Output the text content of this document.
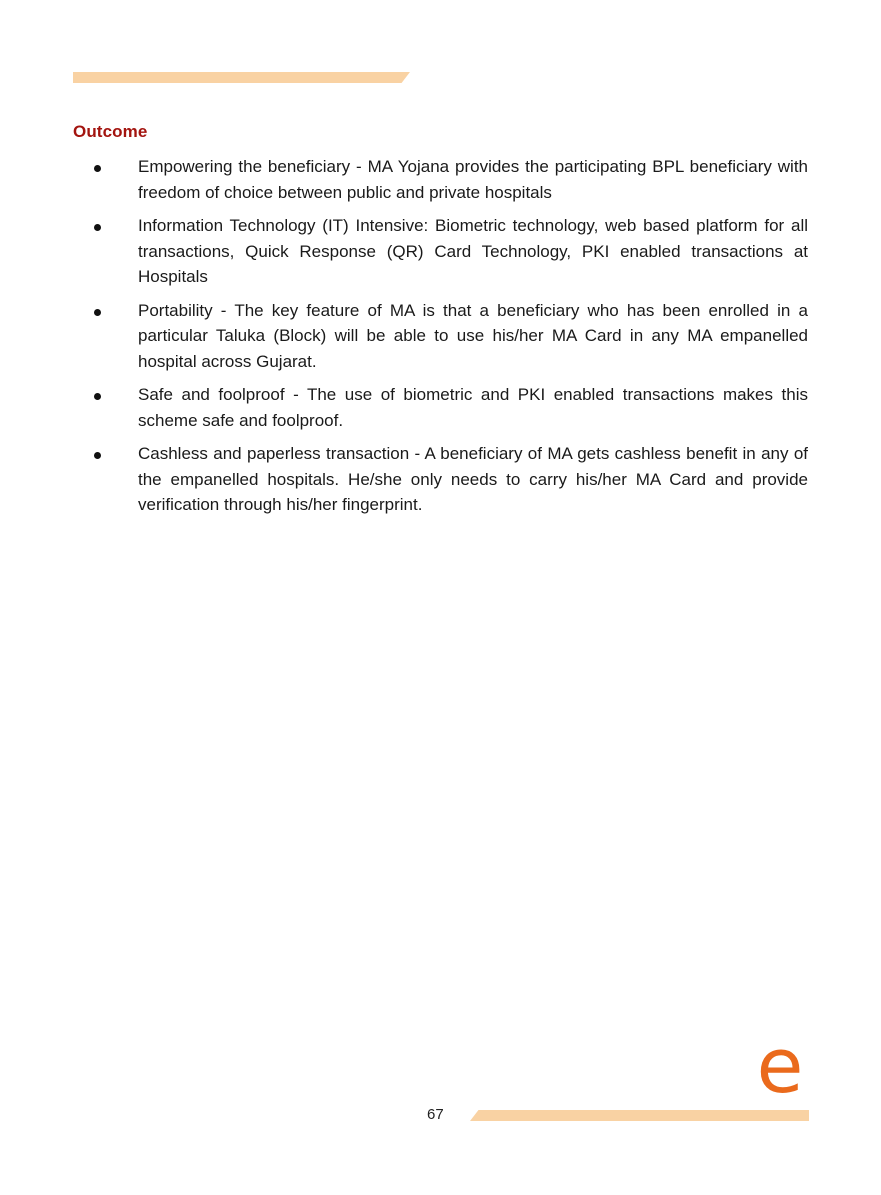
Outcome
Empowering the beneficiary - MA Yojana provides the participating BPL beneficiary with freedom of choice between public and private hospitals
Information Technology (IT) Intensive: Biometric technology, web based platform for all transactions, Quick Response (QR) Card Technology, PKI enabled transactions at Hospitals
Portability - The key feature of MA is that a beneficiary who has been enrolled in a particular Taluka (Block) will be able to use his/her MA Card in any MA empanelled hospital across Gujarat.
Safe and foolproof - The use of biometric and PKI enabled transactions makes this scheme safe and foolproof.
Cashless and paperless transaction - A beneficiary of MA gets cashless benefit in any of the empanelled hospitals. He/she only needs to carry his/her MA Card and provide verification through his/her fingerprint.
e
67
